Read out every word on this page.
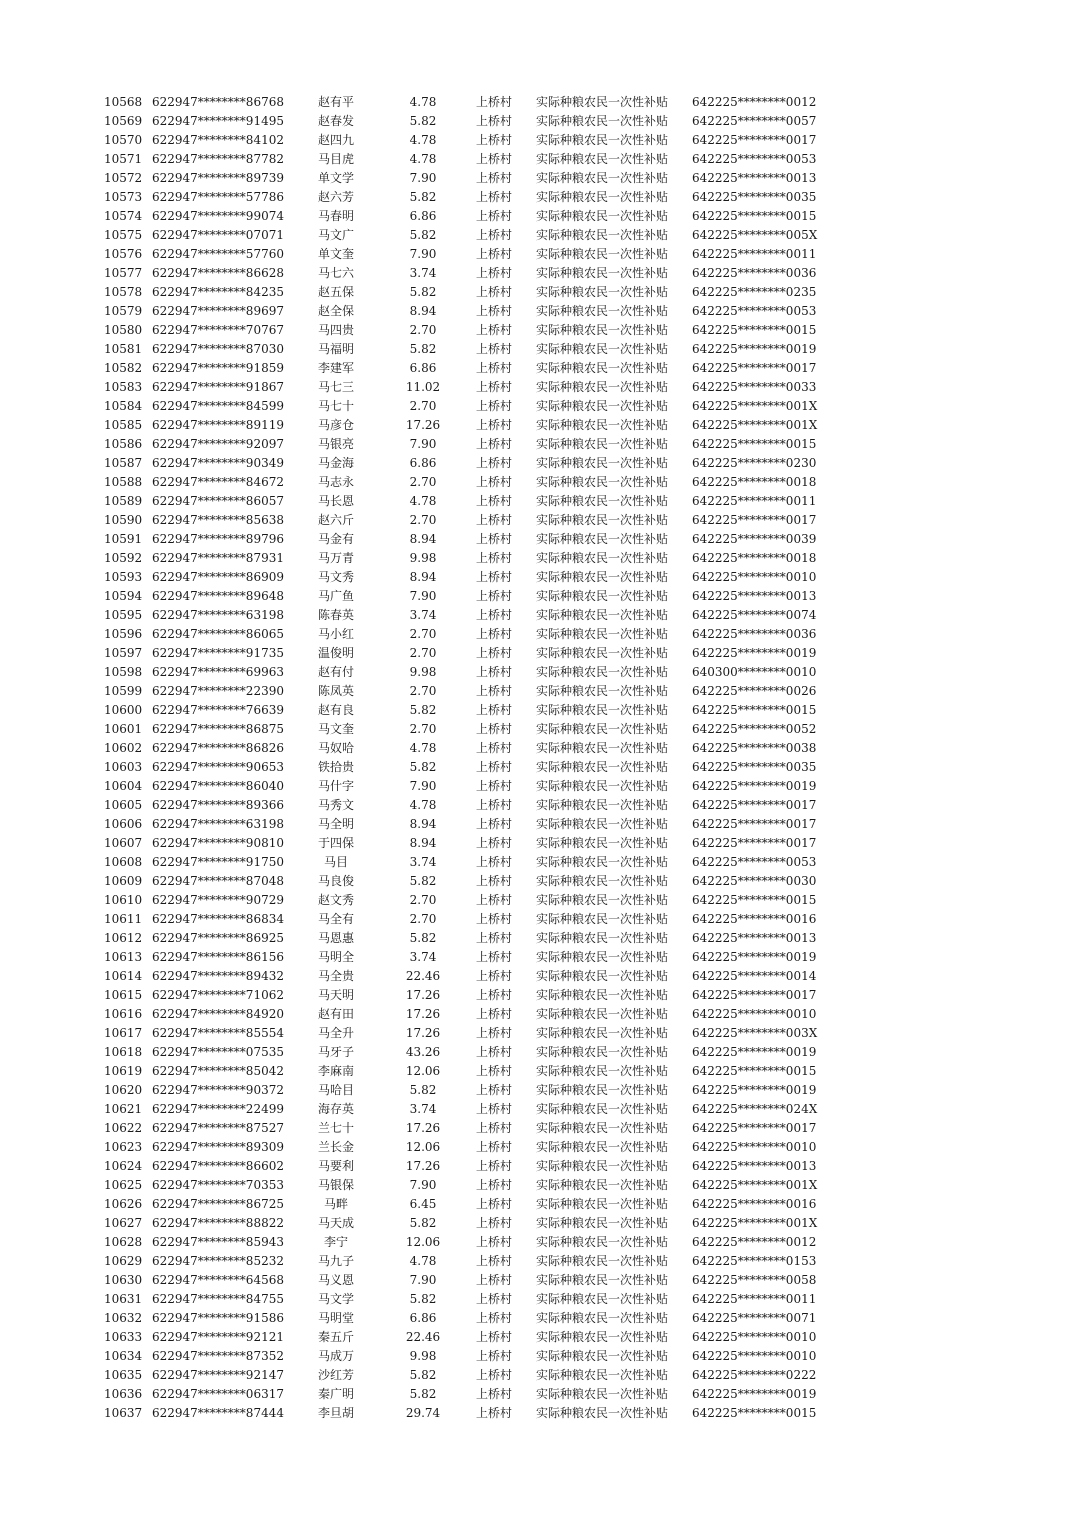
10568 622947********86768	赵有平	4.78	上桥村 实际种粮农民一次性补贴 642225********0012
10569 622947********91495	赵春发	5.82	上桥村 实际种粮农民一次性补贴 642225********0057
10570 622947********84102	赵四九	4.78	上桥村 实际种粮农民一次性补贴 642225********0017
10571 622947********87782	马目虎	4.78	上桥村 实际种粮农民一次性补贴 642225********0053
10572 622947********89739	单文学	7.90	上桥村 实际种粮农民一次性补贴 642225********0013
10573 622947********57786	赵六芳	5.82	上桥村 实际种粮农民一次性补贴 642225********0035
10574 622947********99074	马春明	6.86	上桥村 实际种粮农民一次性补贴 642225********0015
10575 622947********07071	马文广	5.82	上桥村 实际种粮农民一次性补贴 642225********005X
10576 622947********57760	单文奎	7.90	上桥村 实际种粮农民一次性补贴 642225********0011
10577 622947********86628	马七六	3.74	上桥村 实际种粮农民一次性补贴 642225********0036
10578 622947********84235	赵五保	5.82	上桥村 实际种粮农民一次性补贴 642225********0235
10579 622947********89697	赵全保	8.94	上桥村 实际种粮农民一次性补贴 642225********0053
10580 622947********70767	马四贵	2.70	上桥村 实际种粮农民一次性补贴 642225********0015
10581 622947********87030	马福明	5.82	上桥村 实际种粮农民一次性补贴 642225********0019
10582 622947********91859	李建军	6.86	上桥村 实际种粮农民一次性补贴 642225********0017
10583 622947********91867	马七三	11.02	上桥村 实际种粮农民一次性补贴 642225********0033
10584 622947********84599	马七十	2.70	上桥村 实际种粮农民一次性补贴 642225********001X
10585 622947********89119	马彦仓	17.26	上桥村 实际种粮农民一次性补贴 642225********001X
10586 622947********92097	马银亮	7.90	上桥村 实际种粮农民一次性补贴 642225********0015
10587 622947********90349	马金海	6.86	上桥村 实际种粮农民一次性补贴 642225********0230
10588 622947********84672	马志永	2.70	上桥村 实际种粮农民一次性补贴 642225********0018
10589 622947********86057	马长恩	4.78	上桥村 实际种粮农民一次性补贴 642225********0011
10590 622947********85638	赵六斤	2.70	上桥村 实际种粮农民一次性补贴 642225********0017
10591 622947********89796	马金有	8.94	上桥村 实际种粮农民一次性补贴 642225********0039
10592 622947********87931	马万青	9.98	上桥村 实际种粮农民一次性补贴 642225********0018
10593 622947********86909	马文秀	8.94	上桥村 实际种粮农民一次性补贴 642225********0010
10594 622947********89648	马广鱼	7.90	上桥村 实际种粮农民一次性补贴 642225********0013
10595 622947********63198	陈春英	3.74	上桥村 实际种粮农民一次性补贴 642225********0074
10596 622947********86065	马小红	2.70	上桥村 实际种粮农民一次性补贴 642225********0036
10597 622947********91735	温俊明	2.70	上桥村 实际种粮农民一次性补贴 642225********0019
10598 622947********69963	赵有付	9.98	上桥村 实际种粮农民一次性补贴 640300********0010
10599 622947********22390	陈凤英	2.70	上桥村 实际种粮农民一次性补贴 642225********0026
10600 622947********76639	赵有良	5.82	上桥村 实际种粮农民一次性补贴 642225********0015
10601 622947********86875	马文奎	2.70	上桥村 实际种粮农民一次性补贴 642225********0052
10602 622947********86826	马奴哈	4.78	上桥村 实际种粮农民一次性补贴 642225********0038
10603 622947********90653	铁拾贵	5.82	上桥村 实际种粮农民一次性补贴 642225********0035
10604 622947********86040	马什字	7.90	上桥村 实际种粮农民一次性补贴 642225********0019
10605 622947********89366	马秀文	4.78	上桥村 实际种粮农民一次性补贴 642225********0017
10606 622947********63198	马全明	8.94	上桥村 实际种粮农民一次性补贴 642225********0017
10607 622947********90810	于四保	8.94	上桥村 实际种粮农民一次性补贴 642225********0017
10608 622947********91750	马目	3.74	上桥村 实际种粮农民一次性补贴 642225********0053
10609 622947********87048	马良俊	5.82	上桥村 实际种粮农民一次性补贴 642225********0030
10610 622947********90729	赵文秀	2.70	上桥村 实际种粮农民一次性补贴 642225********0015
10611 622947********86834	马全有	2.70	上桥村 实际种粮农民一次性补贴 642225********0016
10612 622947********86925	马恩惠	5.82	上桥村 实际种粮农民一次性补贴 642225********0013
10613 622947********86156	马明全	3.74	上桥村 实际种粮农民一次性补贴 642225********0019
10614 622947********89432	马全贵	22.46	上桥村 实际种粮农民一次性补贴 642225********0014
10615 622947********71062	马天明	17.26	上桥村 实际种粮农民一次性补贴 642225********0017
10616 622947********84920	赵有田	17.26	上桥村 实际种粮农民一次性补贴 642225********0010
10617 622947********85554	马全升	17.26	上桥村 实际种粮农民一次性补贴 642225********003X
10618 622947********07535	马牙子	43.26	上桥村 实际种粮农民一次性补贴 642225********0019
10619 622947********85042	李麻南	12.06	上桥村 实际种粮农民一次性补贴 642225********0015
10620 622947********90372	马哈目	5.82	上桥村 实际种粮农民一次性补贴 642225********0019
10621 622947********22499	海存英	3.74	上桥村 实际种粮农民一次性补贴 642225********024X
10622 622947********87527	兰七十	17.26	上桥村 实际种粮农民一次性补贴 642225********0017
10623 622947********89309	兰长金	12.06	上桥村 实际种粮农民一次性补贴 642225********0010
10624 622947********86602	马要利	17.26	上桥村 实际种粮农民一次性补贴 642225********0013
10625 622947********70353	马银保	7.90	上桥村 实际种粮农民一次性补贴 642225********001X
10626 622947********86725	马畔	6.45	上桥村 实际种粮农民一次性补贴 642225********0016
10627 622947********88822	马天成	5.82	上桥村 实际种粮农民一次性补贴 642225********001X
10628 622947********85943	李宁	12.06	上桥村 实际种粮农民一次性补贴 642225********0012
10629 622947********85232	马九子	4.78	上桥村 实际种粮农民一次性补贴 642225********0153
10630 622947********64568	马义恩	7.90	上桥村 实际种粮农民一次性补贴 642225********0058
10631 622947********84755	马文学	5.82	上桥村 实际种粮农民一次性补贴 642225********0011
10632 622947********91586	马明堂	6.86	上桥村 实际种粮农民一次性补贴 642225********0071
10633 622947********92121	秦五斤	22.46	上桥村 实际种粮农民一次性补贴 642225********0010
10634 622947********87352	马成万	9.98	上桥村 实际种粮农民一次性补贴 642225********0010
10635 622947********92147	沙红芳	5.82	上桥村 实际种粮农民一次性补贴 642225********0222
10636 622947********06317	秦广明	5.82	上桥村 实际种粮农民一次性补贴 642225********0019
10637 622947********87444	李旦胡	29.74	上桥村 实际种粮农民一次性补贴 642225********0015
